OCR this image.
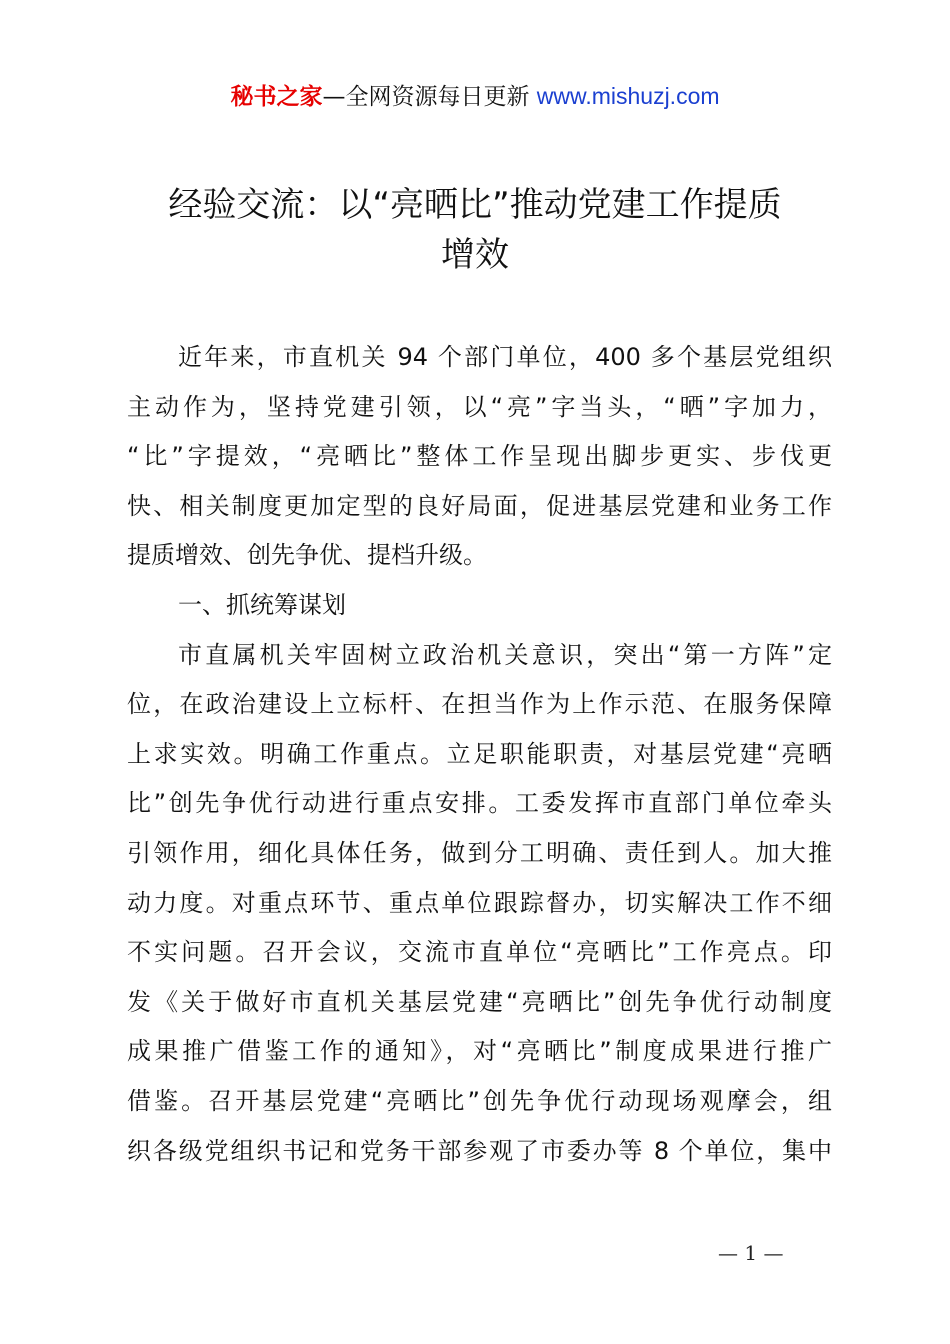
秘书之家—全网资源每日更新 www.mishuzj.com
经验交流：以“亮晒比”推动党建工作提质
增效
近年来，市直机关 94 个部门单位，400 多个基层党组织
主动作为，坚持党建引领，以“亮”字当头，“晒”字加力，
“比”字提效，“亮晒比”整体工作呈现出脚步更实、步伐更
快、相关制度更加定型的良好局面，促进基层党建和业务工作
提质增效、创先争优、提档升级。
一、抓统筹谋划
市直属机关牢固树立政治机关意识，突出“第一方阵”定
位，在政治建设上立标杆、在担当作为上作示范、在服务保障
上求实效。明确工作重点。立足职能职责，对基层党建“亮晒
比”创先争优行动进行重点安排。工委发挥市直部门单位牵头
引领作用，细化具体任务，做到分工明确、责任到人。加大推
动力度。对重点环节、重点单位跟踪督办，切实解决工作不细
不实问题。召开会议，交流市直单位“亮晒比”工作亮点。印
发《关于做好市直机关基层党建“亮晒比”创先争优行动制度
成果推广借鉴工作的通知》，对“亮晒比”制度成果进行推广
借鉴。召开基层党建“亮晒比”创先争优行动现场观摩会，组
织各级党组织书记和党务干部参观了市委办等 8 个单位，集中
— 1 —
